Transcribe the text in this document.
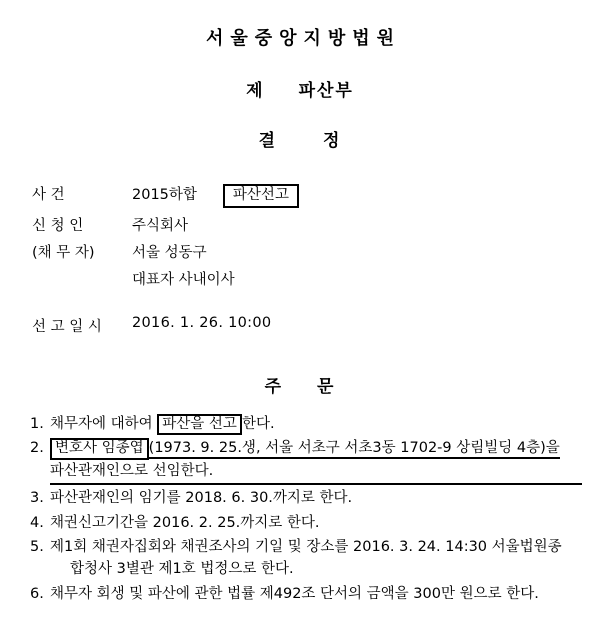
서울중앙지방법원
제 파산부
결	정
사 건	2015하합 파산선고
신 청 인	주식회사
(채 무 자)	서울 성동구
대표자 사내이사
선 고 일 시	2016. 1. 26. 10:00
주 문
1. 채무자에 대하여 파산을 선고 한다.
2. 변호사 임종엽 (1973. 9. 25.생, 서울 서초구 서초3동 1702-9 상림빌딩 4층)을
파산관재인으로 선임한다.
3. 파산관재인의 임기를 2018. 6. 30.까지로 한다.
4. 채권신고기간을 2016. 2. 25.까지로 한다.
5. 제1회 채권자집회와 채권조사의 기일 및 장소를 2016. 3. 24. 14:30 서울법원종 합청사 3별관 제1호 법정으로 한다.
6. 채무자 회생 및 파산에 관한 법률 제492조 단서의 금액을 300만 원으로 한다.
